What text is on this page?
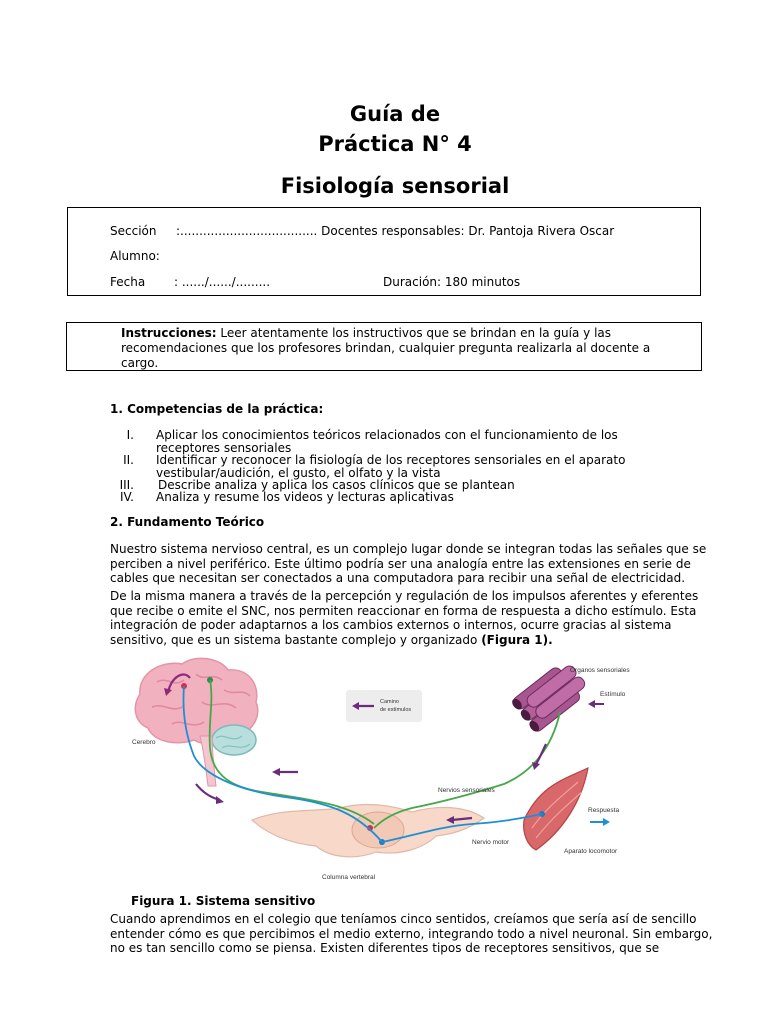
Guía de
Práctica N° 4
Fisiología sensorial
Sección :.................................... Docentes responsables: Dr. Pantoja Rivera Oscar
Alumno:
Fecha : ....../....../.........	Duración: 180 minutos
Instrucciones: Leer atentamente los instructivos que se brindan en la guía y las
recomendaciones que los profesores brindan, cualquier pregunta realizarla al docente a
cargo.
1. Competencias de la práctica:
I. Aplicar los conocimientos teóricos relacionados con el funcionamiento de los
receptores sensoriales
II. Identificar y reconocer la fisiología de los receptores sensoriales en el aparato
vestibular/audición, el gusto, el olfato y la vista
III. Describe analiza y aplica los casos clínicos que se plantean
IV. Analiza y resume los videos y lecturas aplicativas
2. Fundamento Teórico
Nuestro sistema nervioso central, es un complejo lugar donde se integran todas las señales que se
perciben a nivel periférico. Este último podría ser una analogía entre las extensiones en serie de
cables que necesitan ser conectados a una computadora para recibir una señal de electricidad.
De la misma manera a través de la percepción y regulación de los impulsos aferentes y eferentes
que recibe o emite el SNC, nos permiten reaccionar en forma de respuesta a dicho estímulo. Esta
integración de poder adaptarnos a los cambios externos o internos, ocurre gracias al sistema
sensitivo, que es un sistema bastante complejo y organizado (Figura 1).
Cerebro
Camino
de estímulos
Órganos sensoriales
Estímulo
Respuesta
Aparato locomotor
Columna vertebral
Nervios sensoriales
Nervio motor
Figura 1. Sistema sensitivo
Cuando aprendimos en el colegio que teníamos cinco sentidos, creíamos que sería así de sencillo
entender cómo es que percibimos el medio externo, integrando todo a nivel neuronal. Sin embargo,
no es tan sencillo como se piensa. Existen diferentes tipos de receptores sensitivos, que se
